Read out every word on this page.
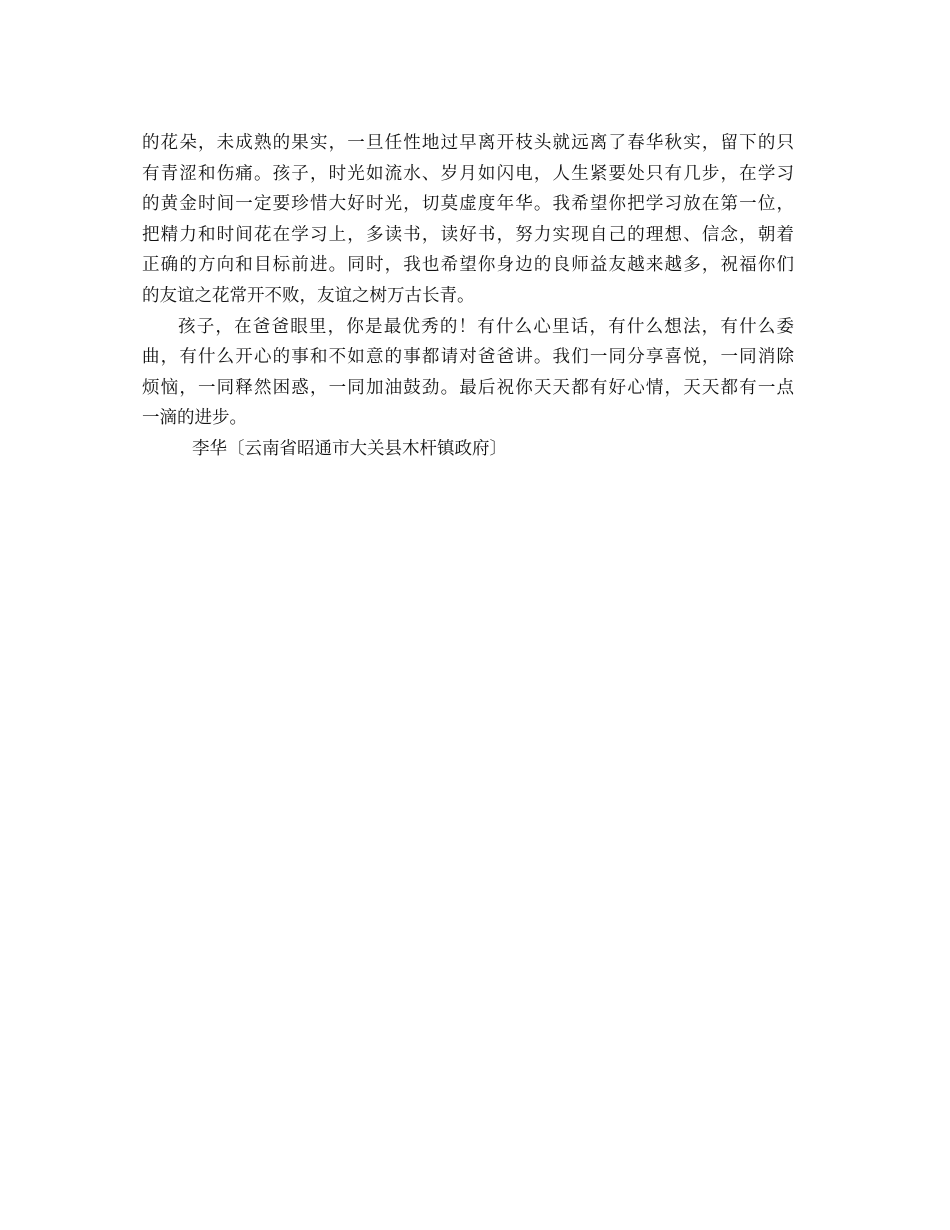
的花朵，未成熟的果实，一旦任性地过早离开枝头就远离了春华秋实，留下的只
有青涩和伤痛。孩子，时光如流水、岁月如闪电，人生紧要处只有几步，在学习
的黄金时间一定要珍惜大好时光，切莫虚度年华。我希望你把学习放在第一位，
把精力和时间花在学习上，多读书，读好书，努力实现自己的理想、信念，朝着
正确的方向和目标前进。同时，我也希望你身边的良师益友越来越多，祝福你们
的友谊之花常开不败，友谊之树万古长青。
孩子，在爸爸眼里，你是最优秀的！有什么心里话，有什么想法，有什么委
曲，有什么开心的事和不如意的事都请对爸爸讲。我们一同分享喜悦，一同消除
烦恼，一同释然困惑，一同加油鼓劲。最后祝你天天都有好心情，天天都有一点
一滴的进步。
李华〔云南省昭通市大关县木杆镇政府〕
